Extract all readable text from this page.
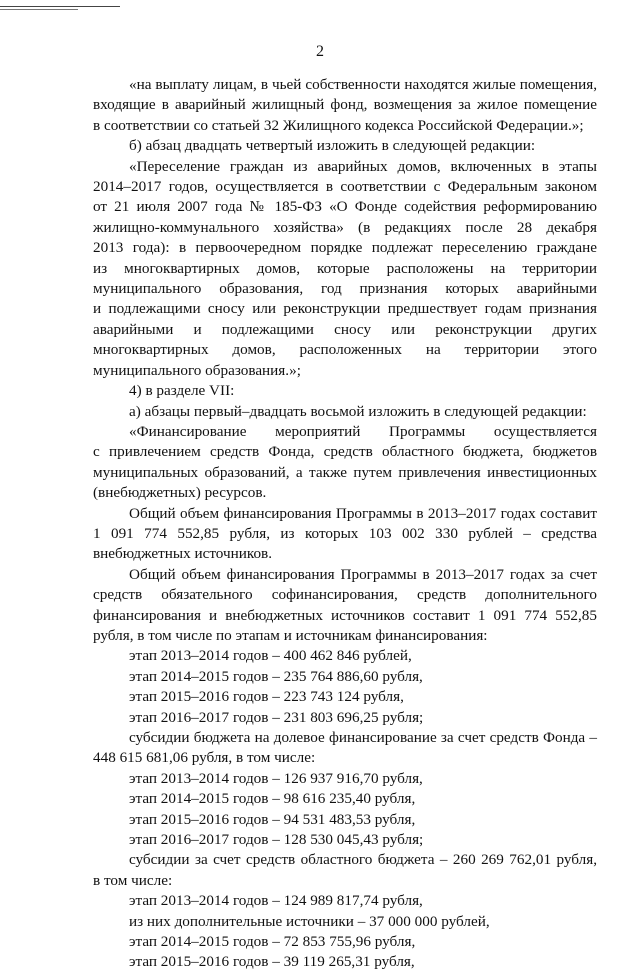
2

«на выплату лицам, в чьей собственности находятся жилые помещения,

входящие в аварийный жилищный фонд, возмещения за жилое помещение

в соответствии со статьей 32 Жилищного кодекса Российской Федерации.»;

б) абзац двадцать четвертый изложить в следующей редакции:

«Переселение граждан из аварийных домов, включенных в этапы

2014–2017 годов, осуществляется в соответствии с Федеральным законом

от 21 июля 2007 года № 185-ФЗ «О Фонде содействия реформированию

жилищно-коммунального хозяйства» (в редакциях после 28 декабря

2013 года): в первоочередном порядке подлежат переселению граждане

из многоквартирных домов, которые расположены на территории

муниципального образования, год признания которых аварийными

и подлежащими сносу или реконструкции предшествует годам признания

аварийными и подлежащими сносу или реконструкции других

многоквартирных домов, расположенных на территории этого

муниципального образования.»;

4) в разделе VII:

а) абзацы первый–двадцать восьмой изложить в следующей редакции:

«Финансирование мероприятий Программы осуществляется

с привлечением средств Фонда, средств областного бюджета, бюджетов

муниципальных образований, а также путем привлечения инвестиционных

(внебюджетных) ресурсов.

Общий объем финансирования Программы в 2013–2017 годах составит

1 091 774 552,85 рубля, из которых 103 002 330 рублей – средства

внебюджетных источников.

Общий объем финансирования Программы в 2013–2017 годах за счет

средств обязательного софинансирования, средств дополнительного

финансирования и внебюджетных источников составит 1 091 774 552,85

рубля, в том числе по этапам и источникам финансирования:

этап 2013–2014 годов – 400 462 846 рублей,

этап 2014–2015 годов – 235 764 886,60 рубля,

этап 2015–2016 годов – 223 743 124 рубля,

этап 2016–2017 годов – 231 803 696,25 рубля;

субсидии бюджета на долевое финансирование за счет средств Фонда –

448 615 681,06 рубля, в том числе:

этап 2013–2014 годов – 126 937 916,70 рубля,

этап 2014–2015 годов – 98 616 235,40 рубля,

этап 2015–2016 годов – 94 531 483,53 рубля,

этап 2016–2017 годов – 128 530 045,43 рубля;

субсидии за счет средств областного бюджета – 260 269 762,01 рубля,

в том числе:

этап 2013–2014 годов – 124 989 817,74 рубля,

из них дополнительные источники – 37 000 000 рублей,

этап 2014–2015 годов – 72 853 755,96 рубля,

этап 2015–2016 годов – 39 119 265,31 рубля,
